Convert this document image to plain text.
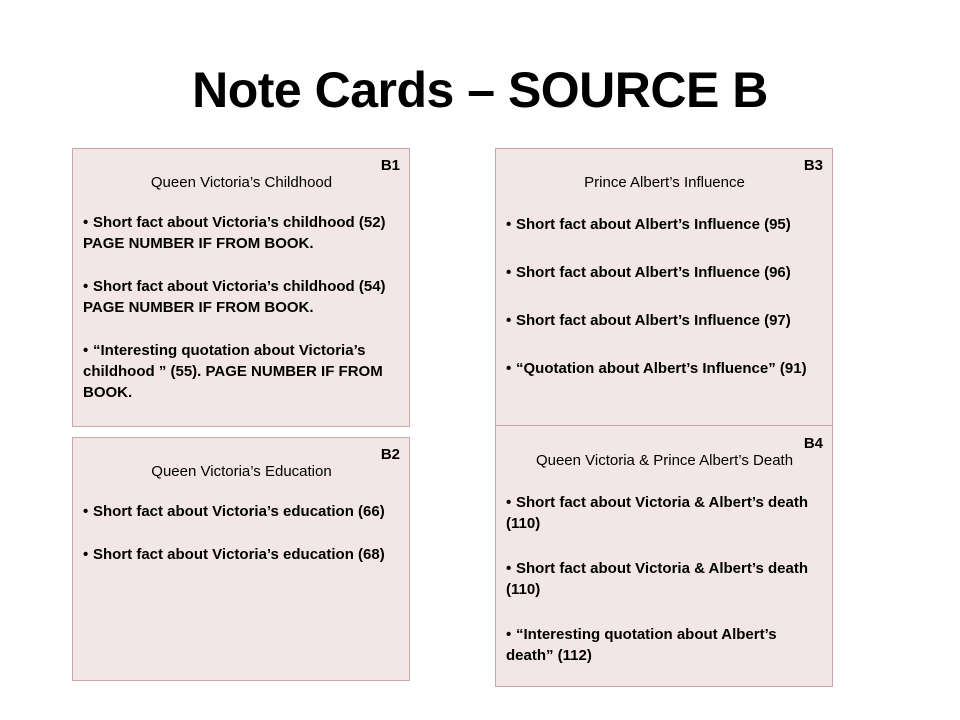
Note Cards – SOURCE B
B1
Queen Victoria’s Childhood
• Short fact about Victoria’s childhood (52) PAGE NUMBER IF FROM BOOK.
• Short fact about Victoria’s childhood (54) PAGE NUMBER IF FROM BOOK.
• “Interesting quotation about Victoria’s childhood ” (55). PAGE NUMBER IF FROM BOOK.
B2
Queen Victoria’s Education
• Short fact about Victoria’s education (66)
• Short fact about Victoria’s education (68)
B3
Prince Albert’s Influence
• Short fact about Albert’s Influence (95)
• Short fact about Albert’s Influence (96)
• Short fact about Albert’s Influence (97)
• “Quotation about Albert’s Influence” (91)
B4
Queen Victoria & Prince Albert’s Death
• Short fact about Victoria & Albert’s death (110)
• Short fact about Victoria & Albert’s death (110)
• “Interesting quotation about Albert’s death” (112)
